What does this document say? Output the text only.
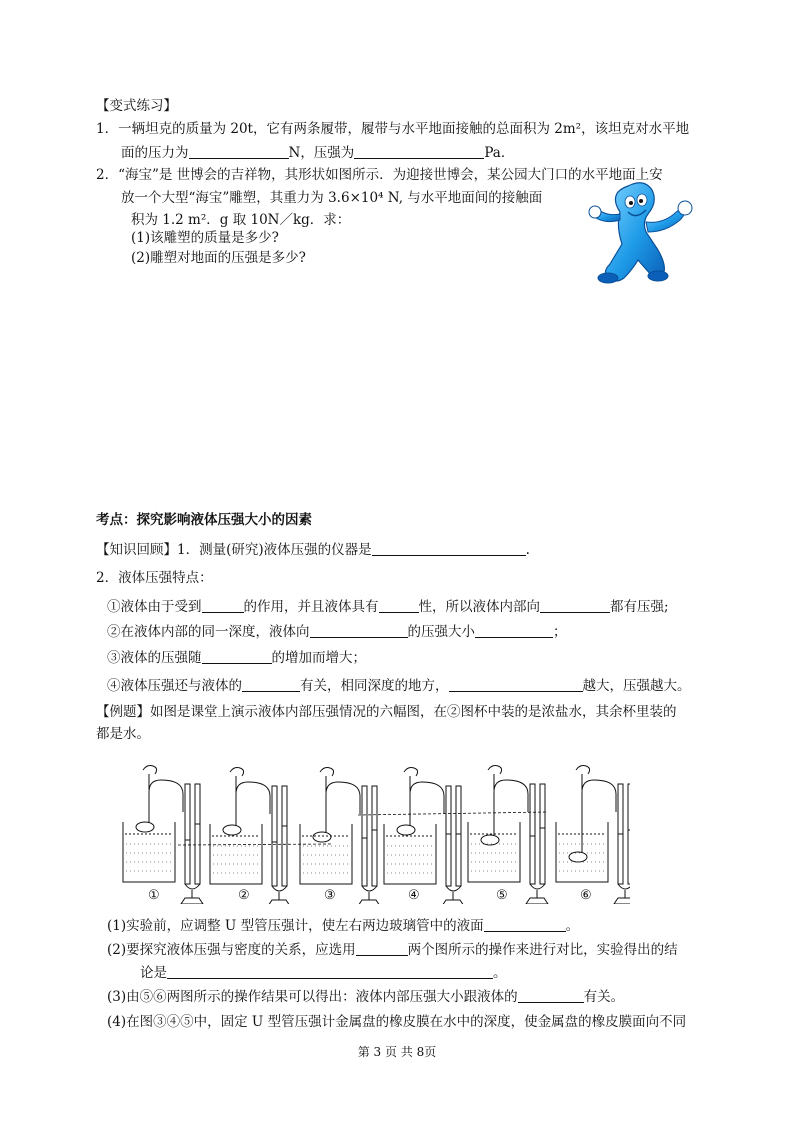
【变式练习】
1．一辆坦克的质量为 20t，它有两条履带，履带与水平地面接触的总面积为 2m²，该坦克对水平地
面的压力为	N，压强为	Pa．
2．“海宝”是 世博会的吉祥物，其形状如图所示．为迎接世博会，某公园大门口的水平地面上安
放一个大型“海宝”雕塑，其重力为 3.6×10⁴ N, 与水平地面间的接触面
积为 1.2 m²．g 取 10N／kg．求：
(1)该雕塑的质量是多少?
(2)雕塑对地面的压强是多少?
考点：探究影响液体压强大小的因素
【知识回顾】1．测量(研究)液体压强的仪器是	.
2．液体压强特点：
①液体由于受到	的作用，并且液体具有	性，所以液体内部向	都有压强;
②在液体内部的同一深度，液体向	的压强大小	；
③液体的压强随	的增加而增大；
④液体压强还与液体的	有关，相同深度的地方，	越大，压强越大。
【例题】如图是课堂上演示液体内部压强情况的六幅图，在②图杯中装的是浓盐水，其余杯里装的
都是水。
①	②	③	④	⑤	⑥
(1)实验前，应调整 U 型管压强计，使左右两边玻璃管中的液面	。
(2)要探究液体压强与密度的关系，应选用	两个图所示的操作来进行对比，实验得出的结
论是	。
(3)由⑤⑥两图所示的操作结果可以得出：液体内部压强大小跟液体的	有关。
(4)在图③④⑤中，固定 U 型管压强计金属盘的橡皮膜在水中的深度，使金属盘的橡皮膜面向不同
第 3 页 共 8页
